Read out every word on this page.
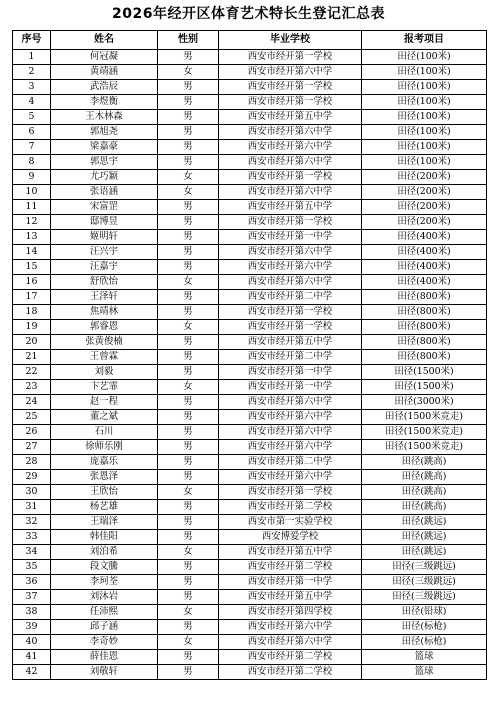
2026年经开区体育艺术特长生登记汇总表
序号	姓名	性别	毕业学校	报考项目
1	何冠凝	男	西安市经开第一学校	田径(100米)
2	黄靖涵	女	西安市经开第六中学	田径(100米)
3	武浩辰	男	西安市经开第一学校	田径(100米)
4	李煜衡	男	西安市经开第一学校	田径(100米)
5	王木林森	男	西安市经开第五中学	田径(100米)
6	郭旭尧	男	西安市经开第六中学	田径(100米)
7	梁嘉豪	男	西安市经开第六中学	田径(100米)
8	郭思宇	男	西安市经开第六中学	田径(100米)
9	尤巧颖	女	西安市经开第一学校	田径(200米)
10	张语涵	女	西安市经开第六中学	田径(200米)
11	宋富罡	男	西安市经开第五中学	田径(200米)
12	邸博昱	男	西安市经开第一学校	田径(200米)
13	姬明轩	男	西安市经开第一中学	田径(400米)
14	汪兴宇	男	西安市经开第六中学	田径(400米)
15	汪嘉宇	男	西安市经开第六中学	田径(400米)
16	舒欣怡	女	西安市经开第六中学	田径(400米)
17	王泽轩	男	西安市经开第二中学	田径(800米)
18	焦靖林	男	西安市经开第一学校	田径(800米)
19	郭睿恩	女	西安市经开第一学校	田径(800米)
20	张黄俊楠	男	西安市经开第五中学	田径(800米)
21	王曾霖	男	西安市经开第二中学	田径(800米)
22	刘毅	男	西安市经开第一中学	田径(1500米)
23	卞艺霏	女	西安市经开第一中学	田径(1500米)
24	赵一程	男	西安市经开第六中学	田径(3000米)
25	董之斌	男	西安市经开第六中学	田径(1500米竞走)
26	石川	男	西安市经开第六中学	田径(1500米竞走)
27	徐师乐刚	男	西安市经开第六中学	田径(1500米竞走)
28	庞嘉乐	男	西安市经开第二中学	田径(跳高)
29	张恩泽	男	西安市经开第六中学	田径(跳高)
30	王欣怡	女	西安市经开第一学校	田径(跳高)
31	杨艺雄	男	西安市经开第二学校	田径(跳高)
32	王瑞泽	男	西安市第一实验学校	田径(跳远)
33	韩佳阳	男	西安博爱学校	田径(跳远)
34	刘泊希	女	西安市经开第五中学	田径(跳远)
35	段文騰	男	西安市经开第二学校	田径(三级跳远)
36	李珂荃	男	西安市经开第一中学	田径(三级跳远)
37	刘沐岩	男	西安市经开第五中学	田径(三级跳远)
38	任沛熙	女	西安市经开第四学校	田径(铅球)
39	邱子涵	男	西安市经开第六中学	田径(标枪)
40	李奇妙	女	西安市经开第六中学	田径(标枪)
41	薛佳恩	男	西安市经开第二学校	篮球
42	刘敬轩	男	西安市经开第二学校	篮球
